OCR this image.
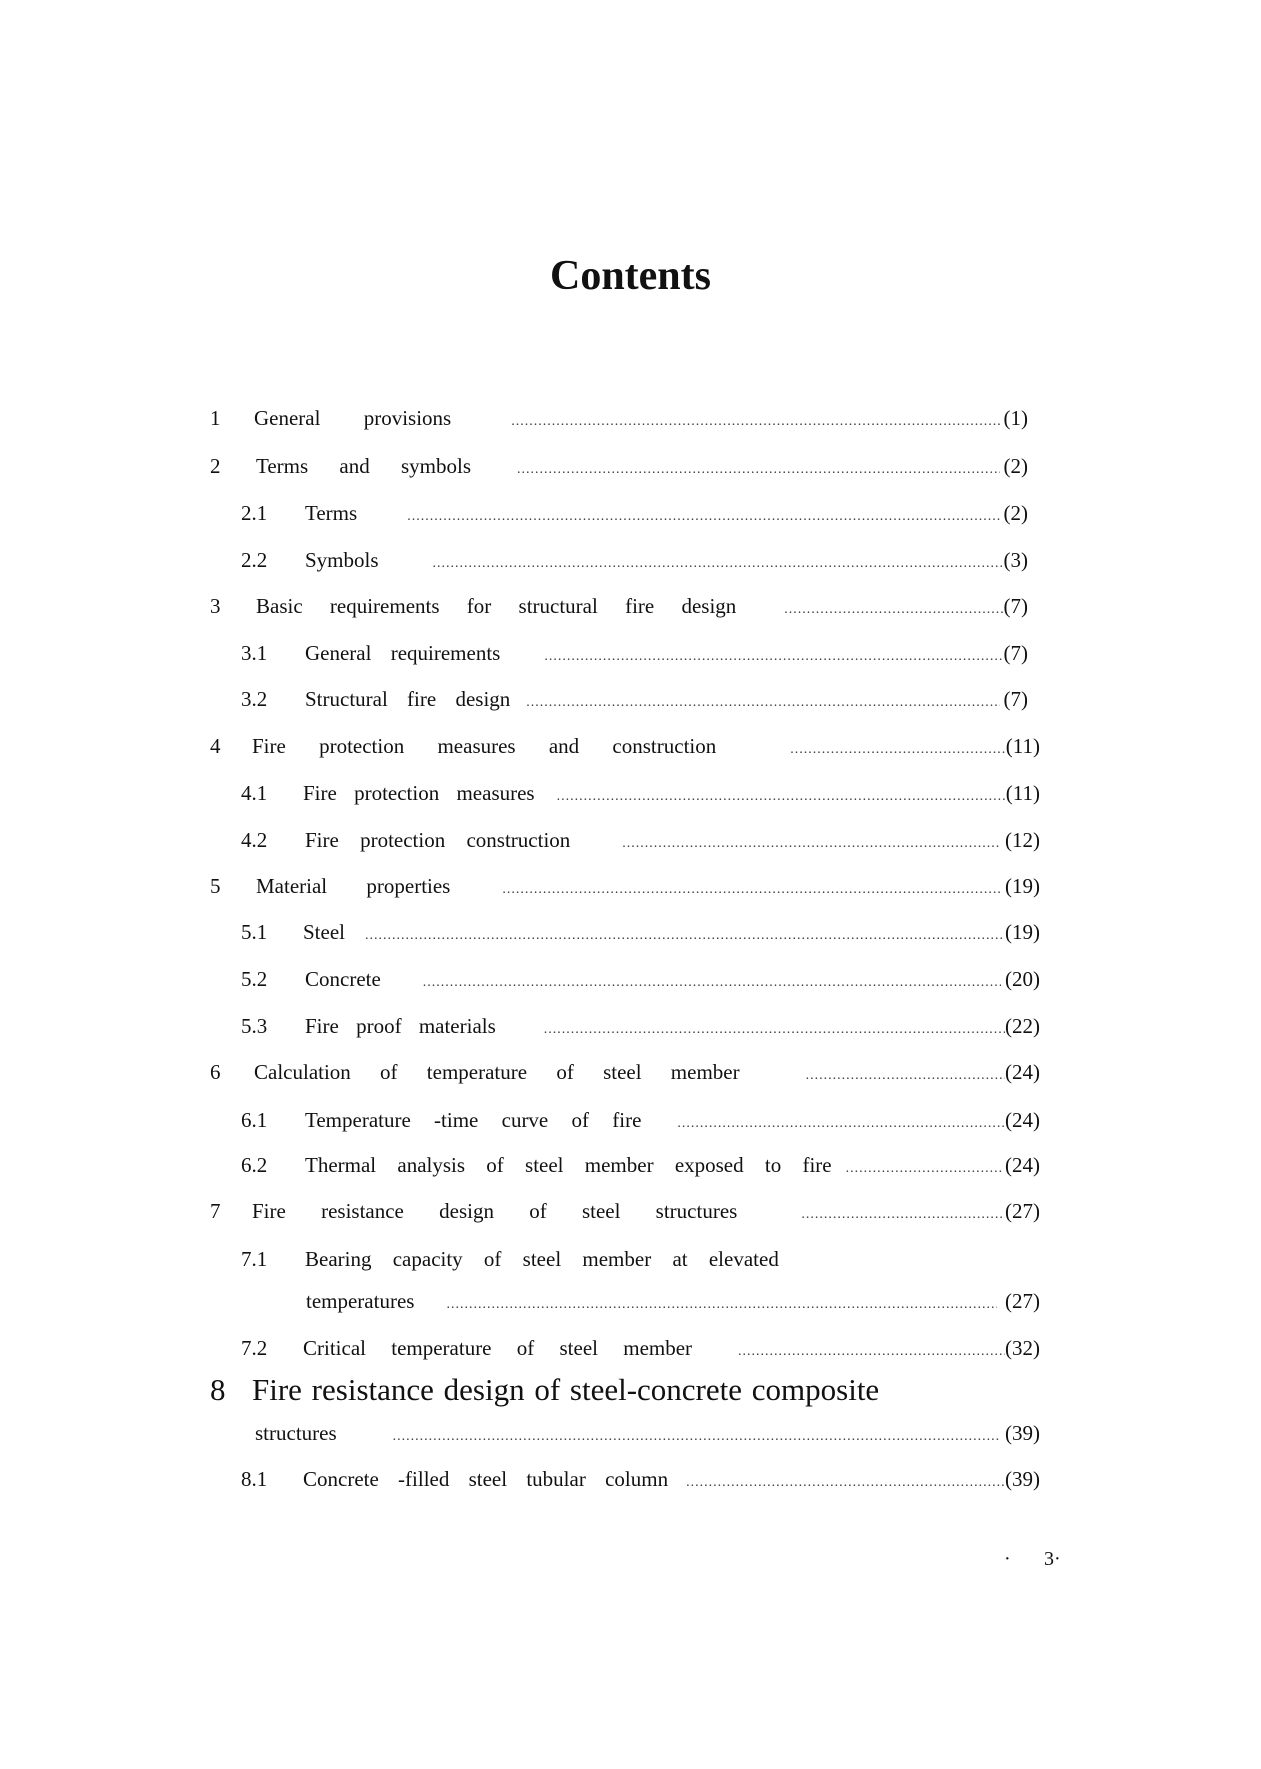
Contents
1	General provisions .....	(1)
2	Terms and symbols .....	(2)
2.1	Terms .....	(2)
2.2	Symbols .....	(3)
3	Basic requirements for structural fire design .....	(7)
3.1	General requirements .....	(7)
3.2	Structural fire design .....	(7)
4	Fire protection measures and construction .....	(11)
4.1	Fire protection measures .....	(11)
4.2	Fire protection construction .....	(12)
5	Material properties .....	(19)
5.1	Steel .....	(19)
5.2	Concrete .....	(20)
5.3	Fire proof materials .....	(22)
6	Calculation of temperature of steel member .....	(24)
6.1	Temperature -time curve of fire .....	(24)
6.2	Thermal analysis of steel member exposed to fire .....	(24)
7	Fire resistance design of steel structures .....	(27)
7.1	Bearing capacity of steel member at elevated
temperatures .....	(27)
7.2	Critical temperature of steel member .....	(32)
8 Fire resistance design of steel-concrete composite
structures .....	(39)
8.1	Concrete -filled steel tubular column .....	(39)
· 3·
